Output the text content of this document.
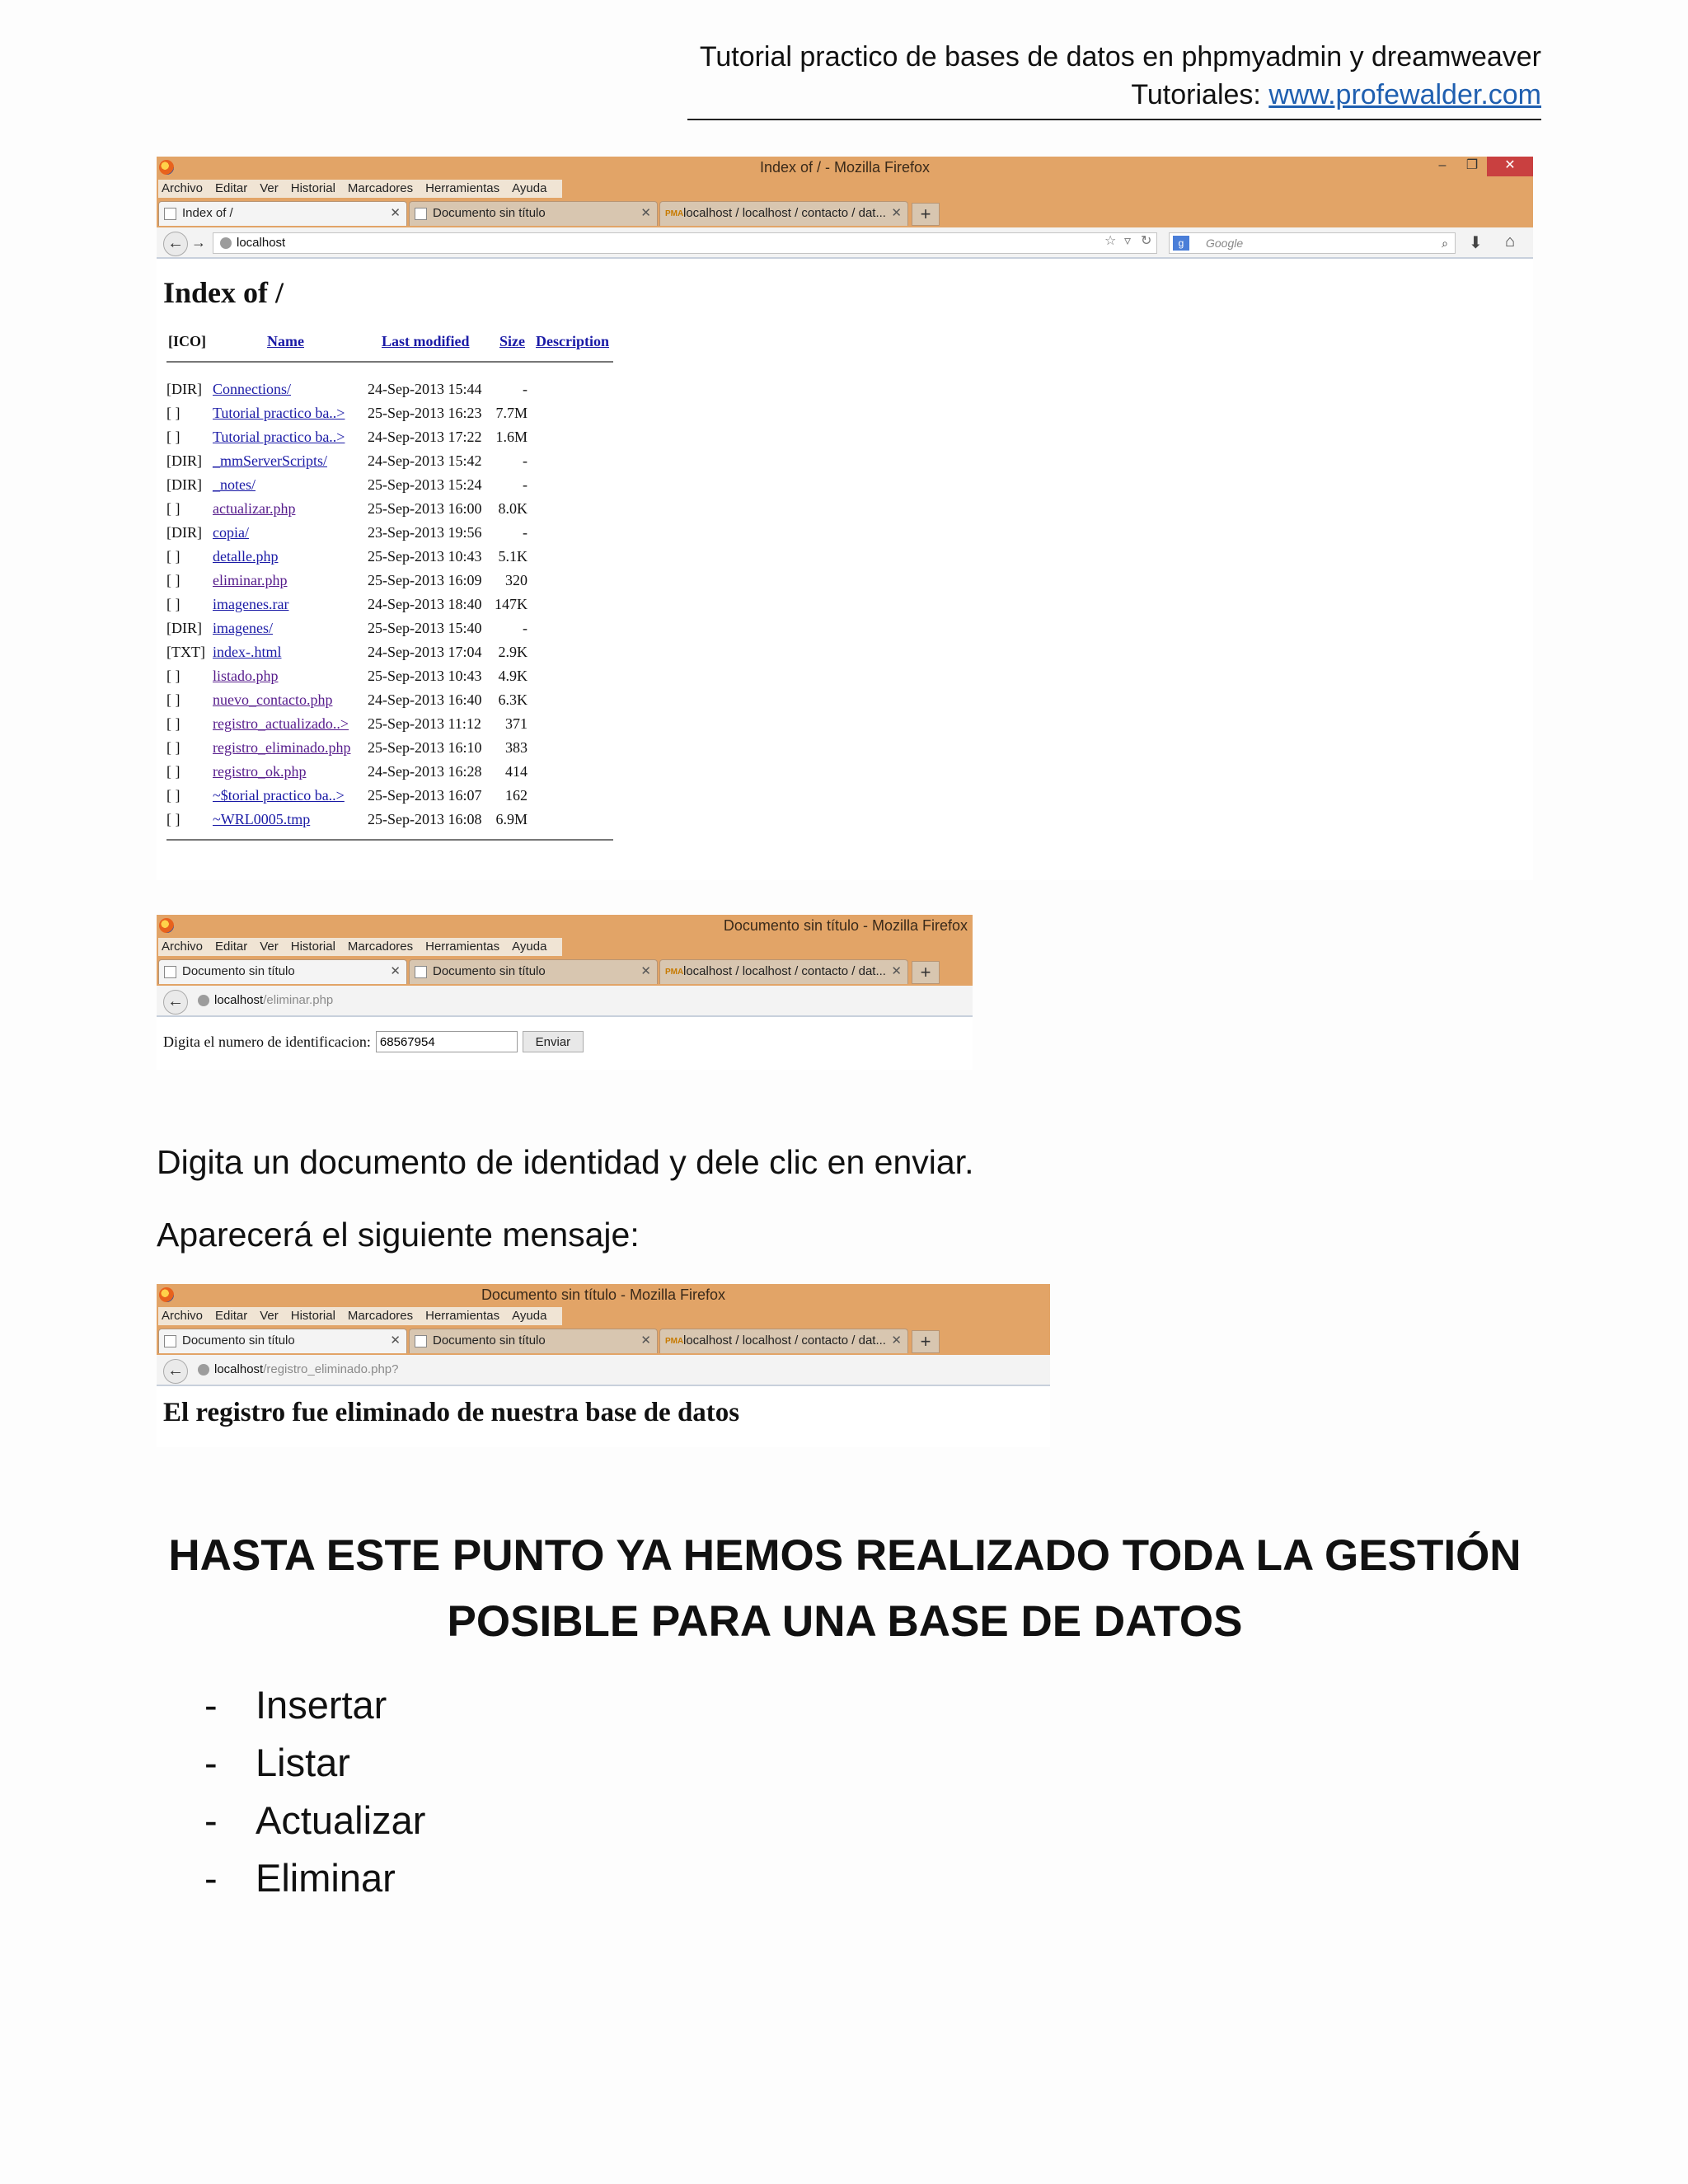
Tutorial practico de bases de datos en phpmyadmin y dreamweaver
Tutoriales: www.profewalder.com
Index of / - Mozilla Firefox	–	❐	✕
Archivo Editar Ver Historial Marcadores Herramientas Ayuda
Index of /	✕	Documento sin título	✕ PMA localhost / localhost / contacto / dat... ✕	+
← →	localhost	☆ ▿ ↻	g	Google	⌕ ⬇ ⌂
Index of /
[ICO]	Name	Last modified Size Description
[DIR] Connections/	24-Sep-2013 15:44	-
[ ] Tutorial practico ba..> 25-Sep-2013 16:23 7.7M
[ ] Tutorial practico ba..> 24-Sep-2013 17:22 1.6M
[DIR] _mmServerScripts/	24-Sep-2013 15:42	-
[DIR] _notes/	25-Sep-2013 15:24	-
[ ] actualizar.php	25-Sep-2013 16:00	8.0K
[DIR] copia/	23-Sep-2013 19:56	-
[ ] detalle.php	25-Sep-2013 10:43	5.1K
[ ] eliminar.php	25-Sep-2013 16:09	320
[ ] imagenes.rar	24-Sep-2013 18:40 147K
[DIR] imagenes/	25-Sep-2013 15:40	-
[TXT] index-.html	24-Sep-2013 17:04	2.9K
[ ] listado.php	25-Sep-2013 10:43	4.9K
[ ] nuevo_contacto.php 24-Sep-2013 16:40	6.3K
[ ] registro_actualizado..> 25-Sep-2013 11:12	371
[ ] registro_eliminado.php 25-Sep-2013 16:10	383
[ ] registro_ok.php	24-Sep-2013 16:28	414
[ ] ~$torial practico ba..> 25-Sep-2013 16:07	162
[ ] ~WRL0005.tmp	25-Sep-2013 16:08 6.9M
Documento sin título - Mozilla Firefox
Archivo Editar Ver Historial Marcadores Herramientas Ayuda
Documento sin título	✕	Documento sin título	✕ PMA localhost / localhost / contacto / dat... ✕	+
←	localhost/eliminar.php
Digita el numero de identificacion:
68567954	Enviar
Digita un documento de identidad y dele clic en enviar.
Aparecerá el siguiente mensaje:
Documento sin título - Mozilla Firefox
Archivo Editar Ver Historial Marcadores Herramientas Ayuda
Documento sin título	✕	Documento sin título	✕ PMA localhost / localhost / contacto / dat... ✕	+
←	localhost/registro_eliminado.php?
El registro fue eliminado de nuestra base de datos
HASTA ESTE PUNTO YA HEMOS REALIZADO TODA LA GESTIÓN
POSIBLE PARA UNA BASE DE DATOS
- Insertar
- Listar
- Actualizar
- Eliminar
